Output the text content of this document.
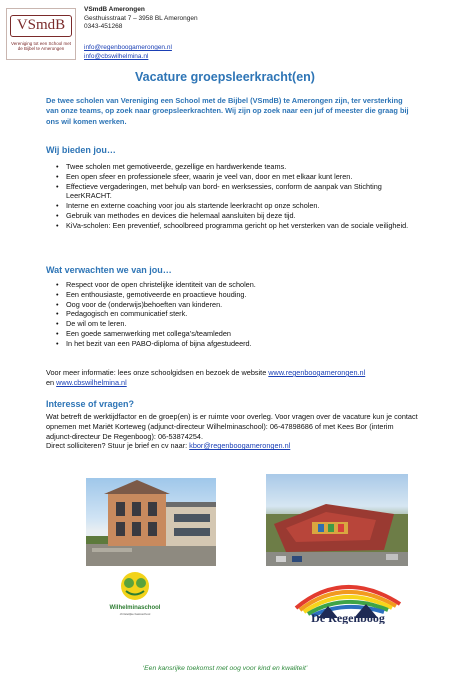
VSmdB
Vereniging tot een School met de Bijbel te Amerongen
VSmdB Amerongen
Gesthuisstraat 7 – 3958 BL Amerongen
0343-451268
info@regenboogamerongen.nl
info@cbswilhelmina.nl
Vacature groepsleerkracht(en)
De twee scholen van Vereniging een School met de Bijbel (VSmdB) te Amerongen zijn, ter versterking van onze teams, op zoek naar groepsleerkrachten. Wij zijn op zoek naar een juf of meester die graag bij ons wil komen werken.
Wij bieden jou…
• Twee scholen met gemotiveerde, gezellige en hardwerkende teams.
• Een open sfeer en professionele sfeer, waarin je veel van, door en met elkaar kunt leren.
• Effectieve vergaderingen, met behulp van bord- en werksessies, conform de aanpak van Stichting LeerKRACHT.
• Interne en externe coaching voor jou als startende leerkracht op onze scholen.
• Gebruik van methodes en devices die helemaal aansluiten bij deze tijd.
• KiVa-scholen: Een preventief, schoolbreed programma gericht op het versterken van de sociale veiligheid.
Wat verwachten we van jou…
• Respect voor de open christelijke identiteit van de scholen.
• Een enthousiaste, gemotiveerde en proactieve houding.
• Oog voor de (onderwijs)behoeften van kinderen.
• Pedagogisch en communicatief sterk.
• De wil om te leren.
• Een goede samenwerking met collega’s/teamleden
• In het bezit van een PABO-diploma of bijna afgestudeerd.
Voor meer informatie: lees onze schoolgidsen en bezoek de website www.regenboogamerongen.nl
en www.cbswilhelmina.nl
Interesse of vragen?
Wat betreft de werktijdfactor en de groep(en) is er ruimte voor overleg. Voor vragen over de vacature kun je contact opnemen met Mariët Korteweg (adjunct-directeur Wilhelminaschool): 06-47898686 of met Kees Bor (interim adjunct-directeur De Regenboog): 06-53874254.
Direct solliciteren? Stuur je brief en cv naar: kbor@regenboogamerongen.nl
Wilhelminaschool
christelijke basisschool	De Regenboog
‘Een kansrijke toekomst met oog voor kind en kwaliteit’
